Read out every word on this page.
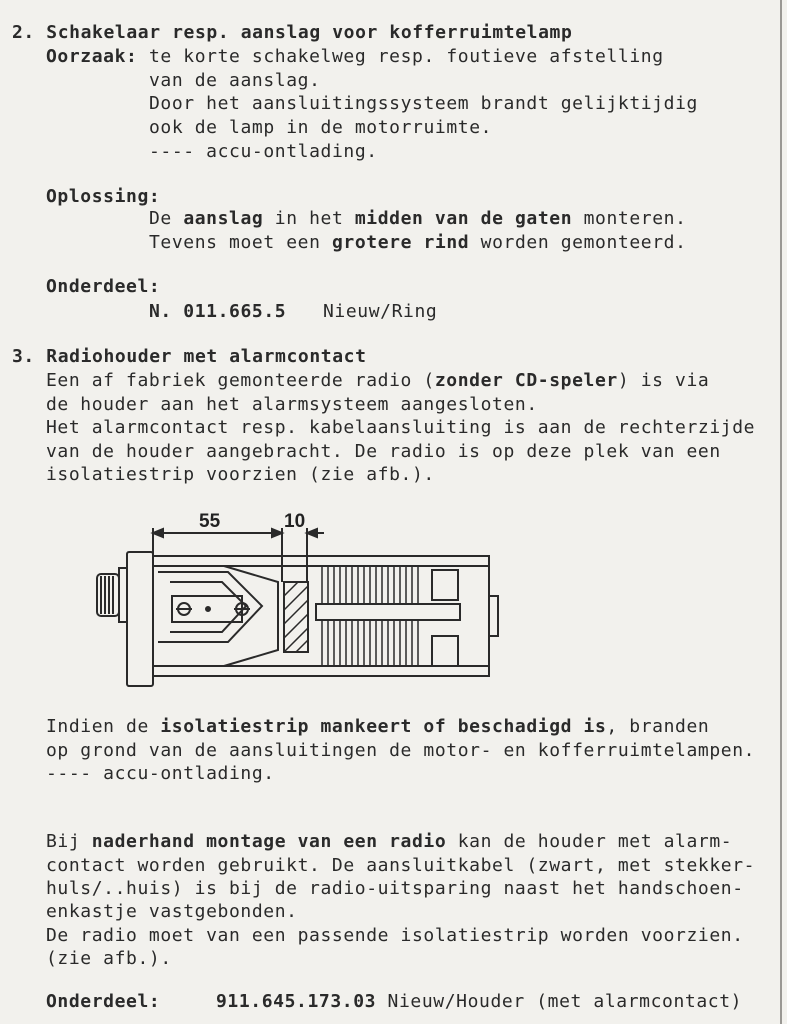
2. Schakelaar resp. aanslag voor kofferruimtelamp
Oorzaak: te korte schakelweg resp. foutieve afstelling
van de aanslag.
Door het aansluitingssysteem brandt gelijktijdig
ook de lamp in de motorruimte.
---- accu-ontlading.
Oplossing:
De aanslag in het midden van de gaten monteren.
Tevens moet een grotere rind worden gemonteerd.
Onderdeel:
N. 011.665.5 Nieuw/Ring
3. Radiohouder met alarmcontact
Een af fabriek gemonteerde radio (zonder CD-speler) is via
de houder aan het alarmsysteem aangesloten.
Het alarmcontact resp. kabelaansluiting is aan de rechterzijde
van de houder aangebracht. De radio is op deze plek van een
isolatiestrip voorzien (zie afb.).
55	10
Indien de isolatiestrip mankeert of beschadigd is, branden
op grond van de aansluitingen de motor- en kofferruimtelampen.
---- accu-ontlading.
Bij naderhand montage van een radio kan de houder met alarm-
contact worden gebruikt. De aansluitkabel (zwart, met stekker-
huls/..huis) is bij de radio-uitsparing naast het handschoen-
enkastje vastgebonden.
De radio moet van een passende isolatiestrip worden voorzien.
(zie afb.).
Onderdeel:	911.645.173.03 Nieuw/Houder (met alarmcontact)
